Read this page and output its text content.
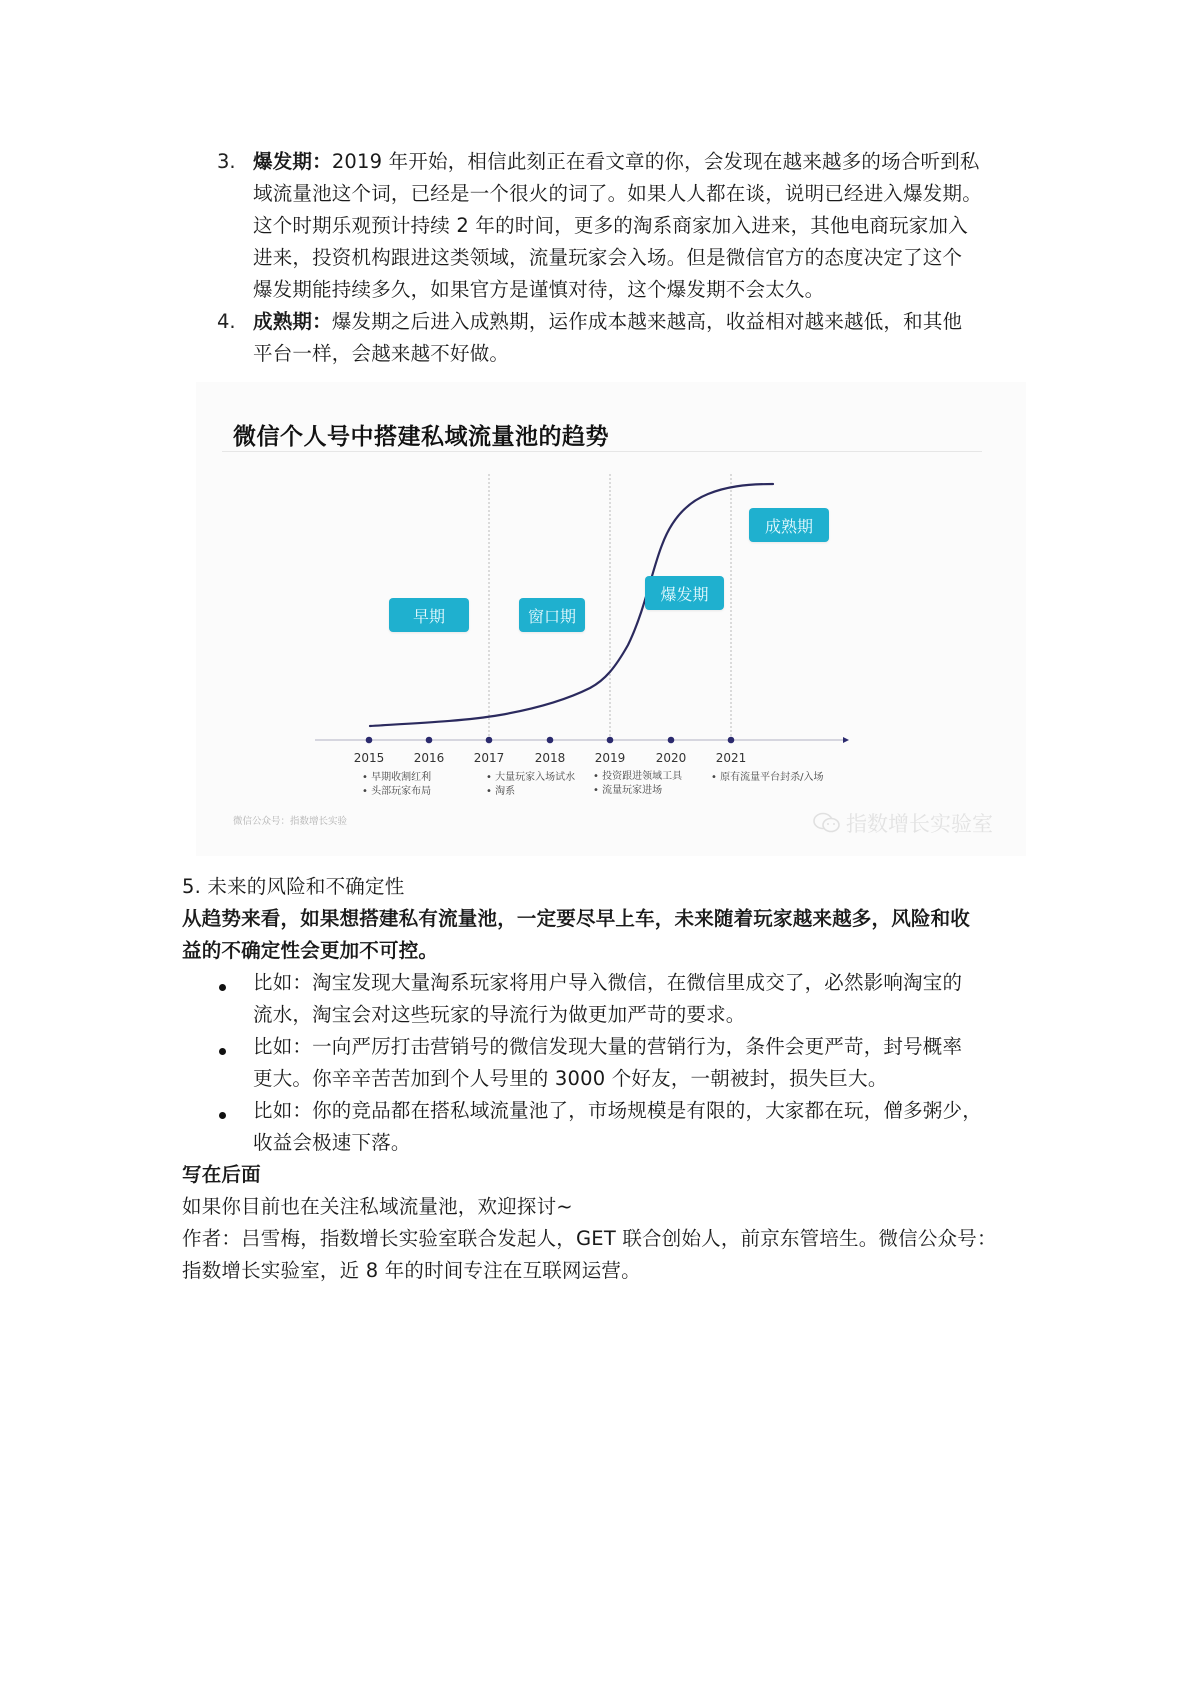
3. 爆发期：2019 年开始，相信此刻正在看文章的你，会发现在越来越多的场合听到私
域流量池这个词，已经是一个很火的词了。如果人人都在谈，说明已经进入爆发期。
这个时期乐观预计持续 2 年的时间，更多的淘系商家加入进来，其他电商玩家加入
进来，投资机构跟进这类领域，流量玩家会入场。但是微信官方的态度决定了这个
爆发期能持续多久，如果官方是谨慎对待，这个爆发期不会太久。
4. 成熟期：爆发期之后进入成熟期，运作成本越来越高，收益相对越来越低，和其他
平台一样，会越来越不好做。
微信个人号中搭建私域流量池的趋势
早期	窗口期
爆发期
成熟期
2015 2016 2017	2018 2019	2020 2021
• 早期收割红利
• 头部玩家布局
• 大量玩家入场试水
• 淘系
• 投资跟进领域工具
• 流量玩家进场
• 原有流量平台封杀/入场
微信公众号：指数增长实验	指数增长实验室
5. 未来的风险和不确定性
从趋势来看，如果想搭建私有流量池，一定要尽早上车，未来随着玩家越来越多，风险和收
益的不确定性会更加不可控。
比如：淘宝发现大量淘系玩家将用户导入微信，在微信里成交了，必然影响淘宝的
流水，淘宝会对这些玩家的导流行为做更加严苛的要求。
比如：一向严厉打击营销号的微信发现大量的营销行为，条件会更严苛，封号概率
更大。你辛辛苦苦加到个人号里的 3000 个好友，一朝被封，损失巨大。
比如：你的竞品都在搭私域流量池了，市场规模是有限的，大家都在玩，僧多粥少，
收益会极速下落。
写在后面
如果你目前也在关注私域流量池，欢迎探讨~
作者：吕雪梅，指数增长实验室联合发起人，GET 联合创始人，前京东管培生。微信公众号：
指数增长实验室，近 8 年的时间专注在互联网运营。
